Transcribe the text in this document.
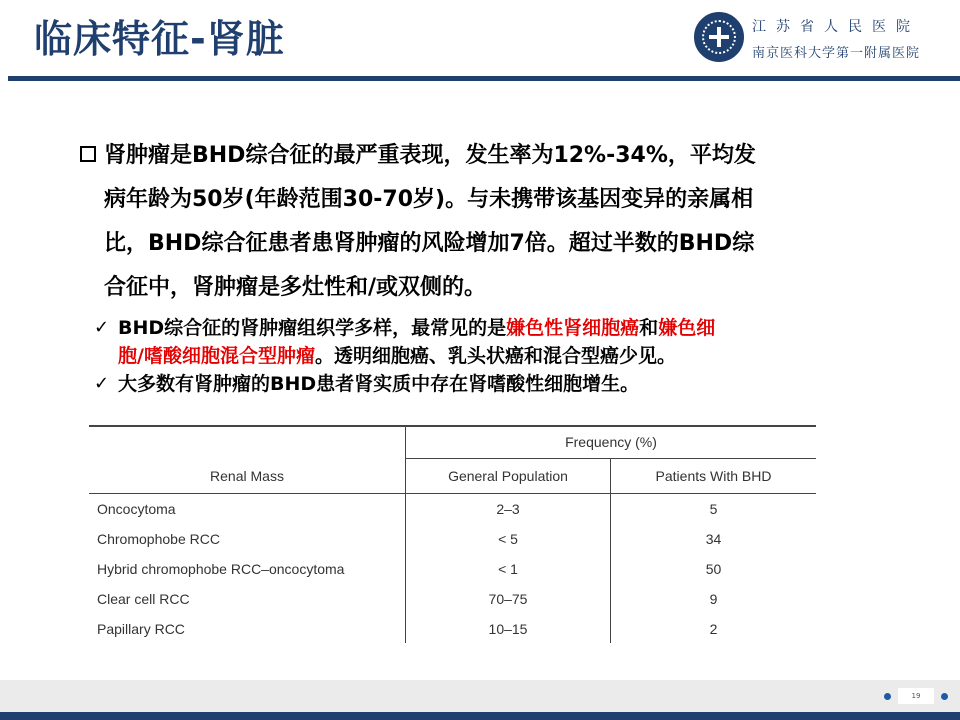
临床特征-肾脏	江苏省人民医院
南京医科大学第一附属医院
肾肿瘤是BHD综合征的最严重表现，发生率为12%-34%，平均发
病年龄为50岁(年龄范围30-70岁)。与未携带该基因变异的亲属相
比，BHD综合征患者患肾肿瘤的风险增加7倍。超过半数的BHD综
合征中，肾肿瘤是多灶性和/或双侧的。
✓ BHD综合征的肾肿瘤组织学多样，最常见的是嫌色性肾细胞癌和嫌色细
胞/嗜酸细胞混合型肿瘤。透明细胞癌、乳头状癌和混合型癌少见。
✓ 大多数有肾肿瘤的BHD患者肾实质中存在肾嗜酸性细胞增生。
Frequency (%)
Renal Mass	General Population	Patients With BHD
Oncocytoma	2–3	5
Chromophobe RCC	< 5	34
Hybrid chromophobe RCC–oncocytoma	< 1	50
Clear cell RCC	70–75	9
Papillary RCC	10–15	2
19
